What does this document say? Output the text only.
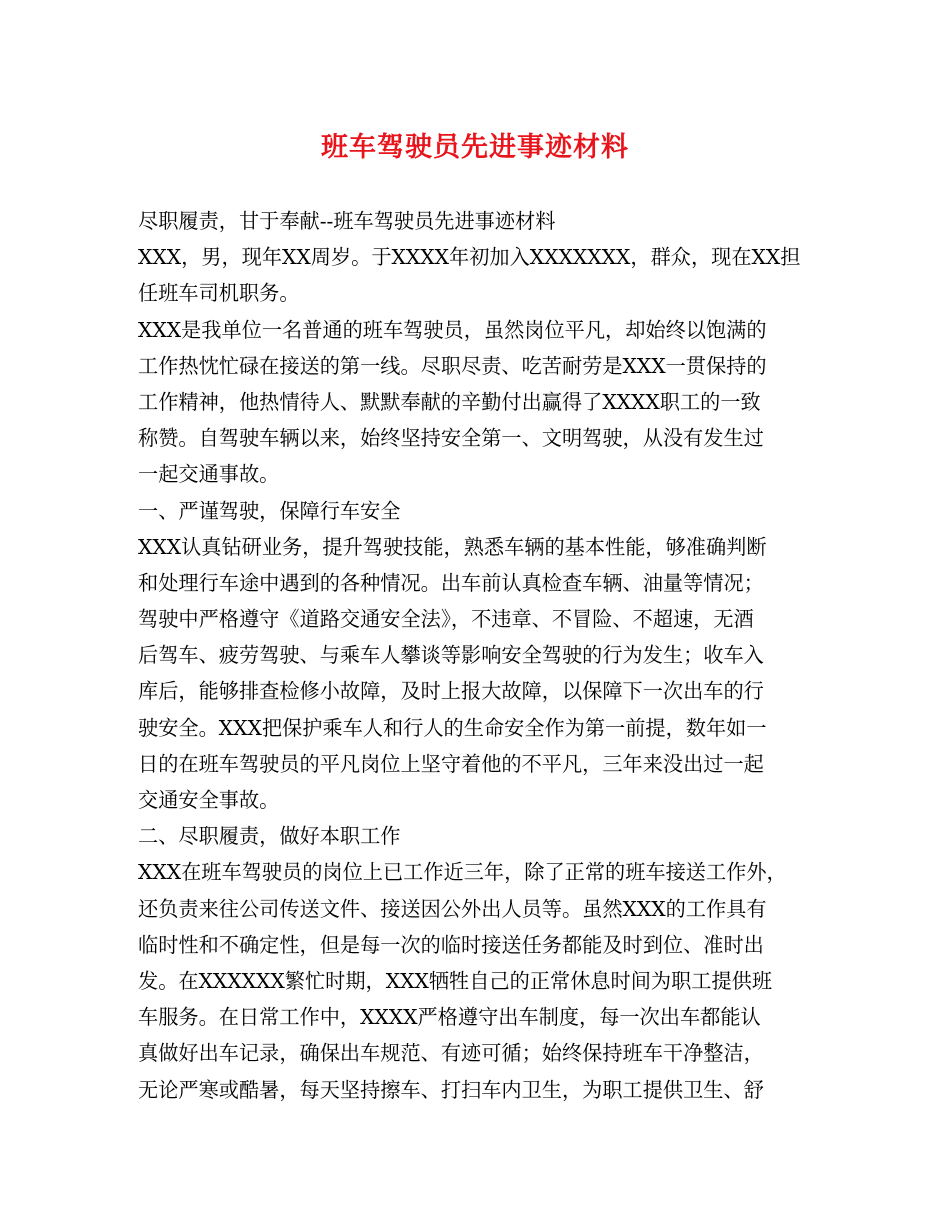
班车驾驶员先进事迹材料
尽职履责，甘于奉献--班车驾驶员先进事迹材料
XXX，男，现年XX周岁。于XXXX年初加入XXXXXXX，群众，现在XX担
任班车司机职务。
XXX是我单位一名普通的班车驾驶员，虽然岗位平凡，却始终以饱满的
工作热忱忙碌在接送的第一线。尽职尽责、吃苦耐劳是XXX一贯保持的
工作精神，他热情待人、默默奉献的辛勤付出赢得了XXXX职工的一致
称赞。自驾驶车辆以来，始终坚持安全第一、文明驾驶，从没有发生过
一起交通事故。
一、严谨驾驶，保障行车安全
XXX认真钻研业务，提升驾驶技能，熟悉车辆的基本性能，够准确判断
和处理行车途中遇到的各种情况。出车前认真检查车辆、油量等情况；
驾驶中严格遵守《道路交通安全法》，不违章、不冒险、不超速，无酒
后驾车、疲劳驾驶、与乘车人攀谈等影响安全驾驶的行为发生；收车入
库后，能够排查检修小故障，及时上报大故障，以保障下一次出车的行
驶安全。XXX把保护乘车人和行人的生命安全作为第一前提，数年如一
日的在班车驾驶员的平凡岗位上坚守着他的不平凡，三年来没出过一起
交通安全事故。
二、尽职履责，做好本职工作
XXX在班车驾驶员的岗位上已工作近三年，除了正常的班车接送工作外，
还负责来往公司传送文件、接送因公外出人员等。虽然XXX的工作具有
临时性和不确定性，但是每一次的临时接送任务都能及时到位、准时出
发。在XXXXXX繁忙时期，XXX牺牲自己的正常休息时间为职工提供班
车服务。在日常工作中，XXXX严格遵守出车制度，每一次出车都能认
真做好出车记录，确保出车规范、有迹可循；始终保持班车干净整洁，
无论严寒或酷暑，每天坚持擦车、打扫车内卫生，为职工提供卫生、舒
